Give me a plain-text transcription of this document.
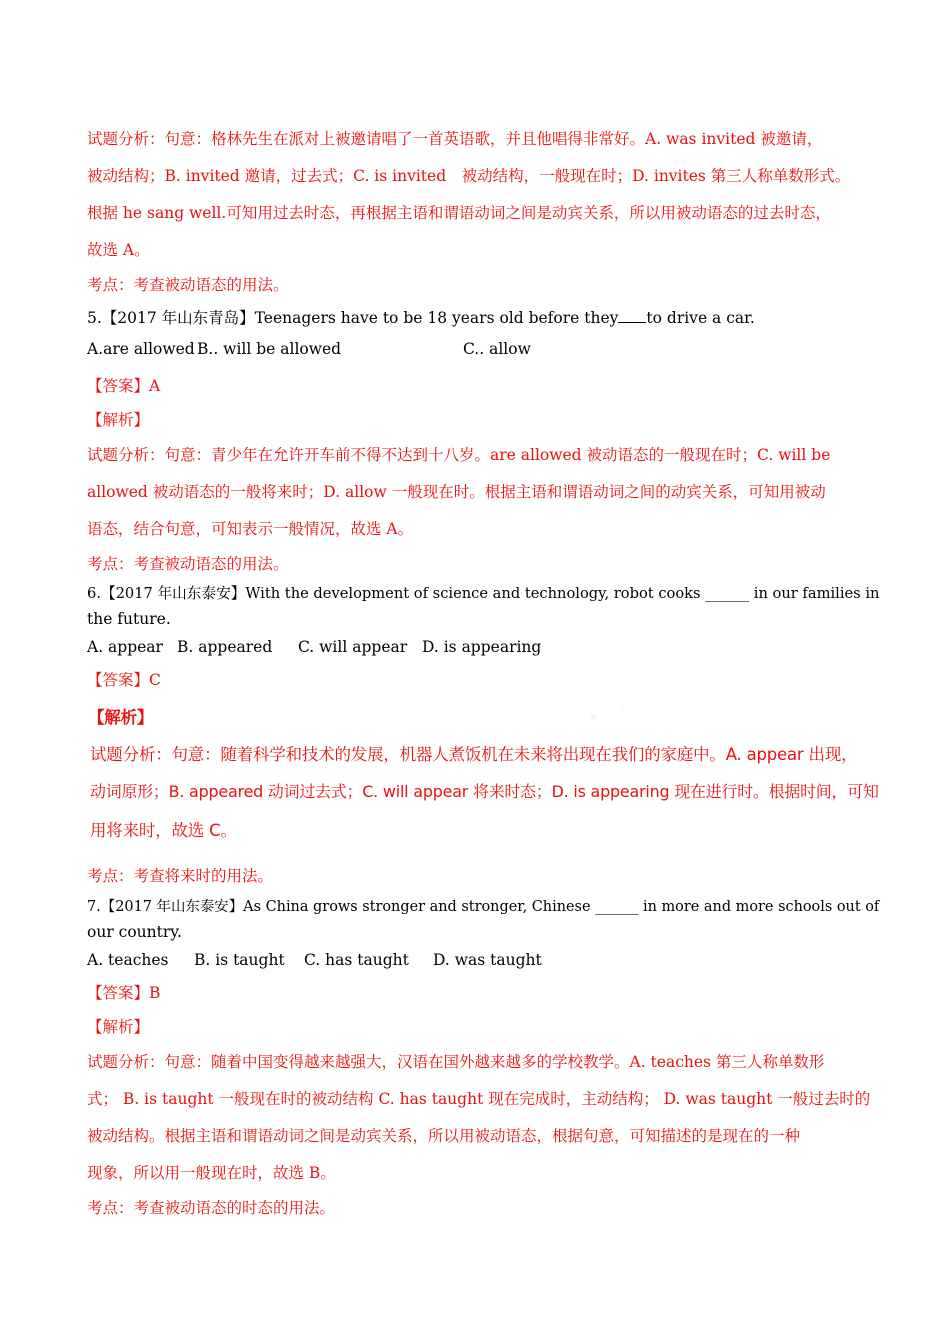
试题分析：句意：格林先生在派对上被邀请唱了一首英语歌，并且他唱得非常好。A. was invited 被邀请，
被动结构；B. invited 邀请，过去式；C. is invited　被动结构，一般现在时；D. invites 第三人称单数形式。
根据 he sang well.可知用过去时态，再根据主语和谓语动词之间是动宾关系，所以用被动语态的过去时态，
故选 A。
考点：考查被动语态的用法。
5.【2017 年山东青岛】Teenagers have to be 18 years old before they to drive a car.
A.are allowed B.. will be allowed	C.. allow
【答案】A
【解析】
试题分析：句意：青少年在允许开车前不得不达到十八岁。are allowed 被动语态的一般现在时；C. will be
allowed 被动语态的一般将来时；D. allow 一般现在时。根据主语和谓语动词之间的动宾关系，可知用被动
语态，结合句意，可知表示一般情况，故选 A。
考点：考查被动语态的用法。
6.【2017 年山东泰安】With the development of science and technology, robot cooks ______ in our families in
the future.
A. appear B. appeared C. will appear D. is appearing
【答案】C
*
·
【解析】
试题分析：句意：随着科学和技术的发展，机器人煮饭机在未来将出现在我们的家庭中。A. appear 出现，
动词原形；B. appeared 动词过去式；C. will appear 将来时态；D. is appearing 现在进行时。根据时间，可知
用将来时，故选 C。
考点：考查将来时的用法。
7.【2017 年山东泰安】As China grows stronger and stronger, Chinese ______ in more and more schools out of
our country.
A. teaches B. is taught C. has taught D. was taught
【答案】B
【解析】
试题分析：句意：随着中国变得越来越强大，汉语在国外越来越多的学校教学。A. teaches 第三人称单数形
式； B. is taught 一般现在时的被动结构 C. has taught 现在完成时，主动结构； D. was taught 一般过去时的
被动结构。根据主语和谓语动词之间是动宾关系，所以用被动语态，根据句意，可知描述的是现在的一种
现象，所以用一般现在时，故选 B。
考点：考查被动语态的时态的用法。
